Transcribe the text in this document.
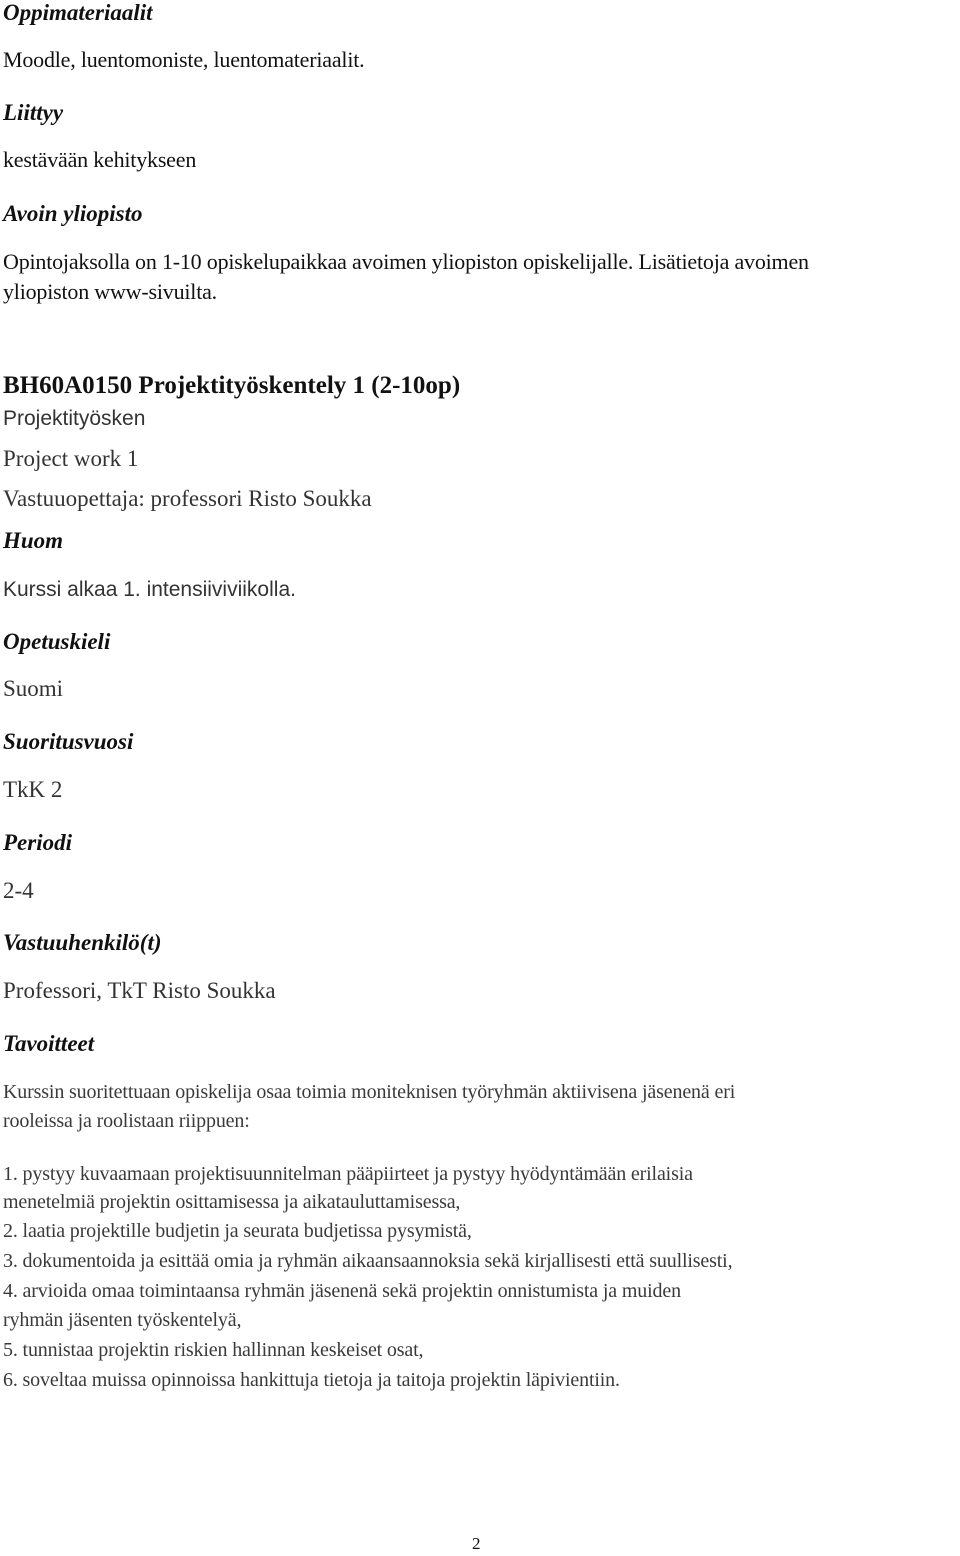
Oppimateriaalit
Moodle, luentomoniste, luentomateriaalit.
Liittyy
kestävään kehitykseen
Avoin yliopisto
Opintojaksolla on 1-10 opiskelupaikkaa avoimen yliopiston opiskelijalle. Lisätietoja avoimen
yliopiston www-sivuilta.
BH60A0150 Projektityöskentely 1 (2-10op)
Projektityösken
Project work 1
Vastuuopettaja: professori Risto Soukka
Huom
Kurssi alkaa 1. intensiiviviikolla.
Opetuskieli
Suomi
Suoritusvuosi
TkK 2
Periodi
2-4
Vastuuhenkilö(t)
Professori, TkT Risto Soukka
Tavoitteet
Kurssin suoritettuaan opiskelija osaa toimia moniteknisen työryhmän aktiivisena jäsenenä eri
rooleissa ja roolistaan riippuen:
1. pystyy kuvaamaan projektisuunnitelman pääpiirteet ja pystyy hyödyntämään erilaisia
menetelmiä projektin osittamisessa ja aikatauluttamisessa,
2. laatia projektille budjetin ja seurata budjetissa pysymistä,
3. dokumentoida ja esittää omia ja ryhmän aikaansaannoksia sekä kirjallisesti että suullisesti,
4. arvioida omaa toimintaansa ryhmän jäsenenä sekä projektin onnistumista ja muiden
ryhmän jäsenten työskentelyä,
5. tunnistaa projektin riskien hallinnan keskeiset osat,
6. soveltaa muissa opinnoissa hankittuja tietoja ja taitoja projektin läpivientiin.
2
